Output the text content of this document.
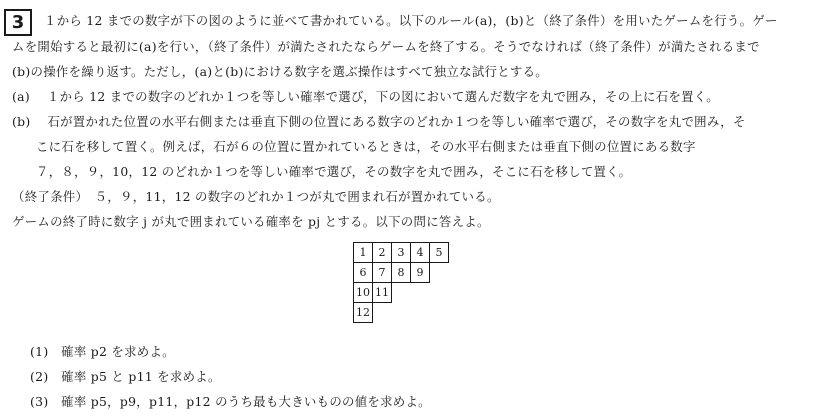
3	１から 12 までの数字が下の図のように並べて書かれている。以下のルール(a)，(b)と（終了条件）を用いたゲームを行う。ゲー
ムを開始すると最初に(a)を行い，（終了条件）が満たされたならゲームを終了する。そうでなければ（終了条件）が満たされるまで
(b)の操作を繰り返す。ただし，(a)と(b)における数字を選ぶ操作はすべて独立な試行とする。
(a)　 １から 12 までの数字のどれか１つを等しい確率で選び，下の図において選んだ数字を丸で囲み，その上に石を置く。
(b)　 石が置かれた位置の水平右側または垂直下側の位置にある数字のどれか１つを等しい確率で選び，その数字を丸で囲み，そ
こに石を移して置く。例えば，石が６の位置に置かれているときは，その水平右側または垂直下側の位置にある数字
７，８，９，10，12 のどれか１つを等しい確率で選び，その数字を丸で囲み，そこに石を移して置く。
（終了条件）　５，９，11，12 の数字のどれか１つが丸で囲まれ石が置かれている。
ゲームの終了時に数字 j が丸で囲まれている確率を pj とする。以下の問に答えよ。
1	2	3	4	5
6	7	8	9	
10	11			
12				
(1)　確率 p2 を求めよ。
(2)　確率 p5 と p11 を求めよ。
(3)　確率 p5，p9，p11，p12 のうち最も大きいものの値を求めよ。
